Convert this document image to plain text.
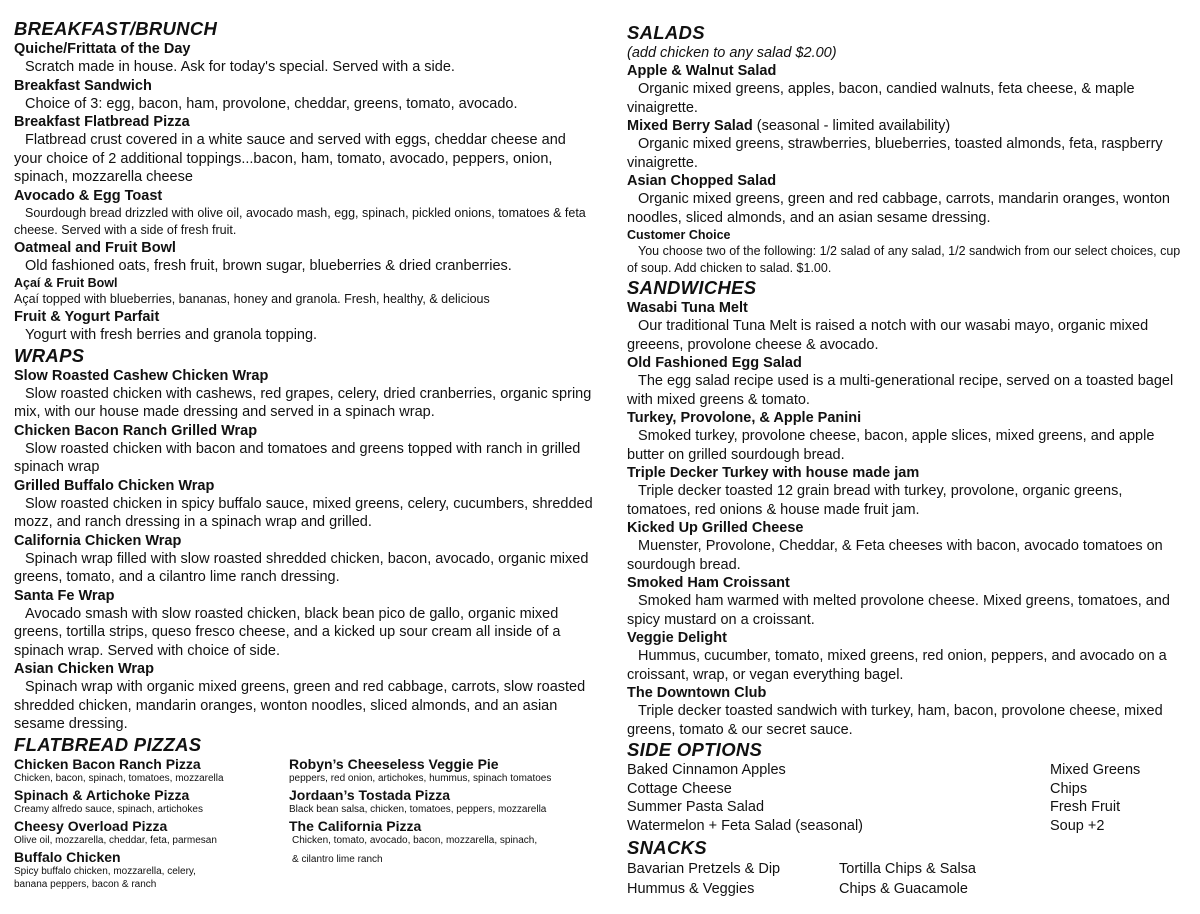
BREAKFAST/BRUNCH

Quiche/Frittata of the Day

Scratch made in house. Ask for today's special. Served with a side.

Breakfast Sandwich

Choice of 3: egg, bacon, ham, provolone, cheddar, greens, tomato, avocado.

Breakfast Flatbread Pizza

Flatbread crust covered in a white sauce and served with eggs, cheddar cheese and your choice of 2 additional toppings...bacon, ham, tomato, avocado, peppers, onion, spinach, mozzarella cheese

Avocado & Egg Toast

Sourdough bread drizzled with olive oil, avocado mash, egg, spinach, pickled onions, tomatoes & feta cheese. Served with a side of fresh fruit.

Oatmeal and Fruit Bowl

Old fashioned oats, fresh fruit, brown sugar, blueberries & dried cranberries.

Açaí & Fruit Bowl

Açaí topped with blueberries, bananas, honey and granola. Fresh, healthy, & delicious

Fruit & Yogurt Parfait

Yogurt with fresh berries and granola topping.

WRAPS

Slow Roasted Cashew Chicken Wrap

Slow roasted chicken with cashews, red grapes, celery, dried cranberries, organic spring mix, with our house made dressing and served in a spinach wrap.

Chicken Bacon Ranch Grilled Wrap

Slow roasted chicken with bacon and tomatoes and greens topped with ranch in grilled spinach wrap

Grilled Buffalo Chicken Wrap

Slow roasted chicken in spicy buffalo sauce, mixed greens, celery, cucumbers, shredded mozz, and ranch dressing in a spinach wrap and grilled.

California Chicken Wrap

Spinach wrap filled with slow roasted shredded chicken, bacon, avocado, organic mixed greens, tomato, and a cilantro lime ranch dressing.

Santa Fe Wrap

Avocado smash with slow roasted chicken, black bean pico de gallo, organic mixed greens, tortilla strips, queso fresco cheese, and a kicked up sour cream all inside of a spinach wrap. Served with choice of side.

Asian Chicken Wrap

Spinach wrap with organic mixed greens, green and red cabbage, carrots, slow roasted shredded chicken, mandarin oranges, wonton noodles, sliced almonds, and an asian sesame dressing.

FLATBREAD PIZZAS

Chicken Bacon Ranch Pizza

Chicken, bacon, spinach, tomatoes, mozzarella

Spinach & Artichoke Pizza

Creamy alfredo sauce, spinach, artichokes

Cheesy Overload Pizza

Olive oil, mozzarella, cheddar, feta, parmesan

Buffalo Chicken

Spicy buffalo chicken, mozzarella, celery, banana peppers, bacon & ranch

Robyn’s Cheeseless Veggie Pie

peppers, red onion, artichokes, hummus, spinach tomatoes

Jordaan’s Tostada Pizza

Black bean salsa, chicken, tomatoes, peppers, mozzarella

The California Pizza

Chicken, tomato, avocado, bacon, mozzarella, spinach,

& cilantro lime ranch

SALADS

(add chicken to any salad $2.00)

Apple & Walnut Salad

Organic mixed greens, apples, bacon, candied walnuts, feta cheese, & maple vinaigrette.

Mixed Berry Salad (seasonal - limited availability)

Organic mixed greens, strawberries, blueberries, toasted almonds, feta, raspberry vinaigrette.

Asian Chopped Salad

Organic mixed greens, green and red cabbage, carrots, mandarin oranges, wonton noodles, sliced almonds, and an asian sesame dressing.

Customer Choice

You choose two of the following: 1/2 salad of any salad, 1/2 sandwich from our select choices, cup of soup. Add chicken to salad. $1.00.

SANDWICHES

Wasabi Tuna Melt

Our traditional Tuna Melt is raised a notch with our wasabi mayo, organic mixed greeens, provolone cheese & avocado.

Old Fashioned Egg Salad

The egg salad recipe used is a multi-generational recipe, served on a toasted bagel with mixed greens & tomato.

Turkey, Provolone, & Apple Panini

Smoked turkey, provolone cheese, bacon, apple slices, mixed greens, and apple butter on grilled sourdough bread.

Triple Decker Turkey with house made jam

Triple decker toasted 12 grain bread with turkey, provolone, organic greens, tomatoes, red onions & house made fruit jam.

Kicked Up Grilled Cheese

Muenster, Provolone, Cheddar, & Feta cheeses with bacon, avocado tomatoes on sourdough bread.

Smoked Ham Croissant

Smoked ham warmed with melted provolone cheese. Mixed greens, tomatoes, and spicy mustard on a croissant.

Veggie Delight

Hummus, cucumber, tomato, mixed greens, red onion, peppers, and avocado on a croissant, wrap, or vegan everything bagel.

The Downtown Club

Triple decker toasted sandwich with turkey, ham, bacon, provolone cheese, mixed greens, tomato & our secret sauce.

SIDE OPTIONS
Baked Cinnamon Apples
Cottage Cheese
Summer Pasta Salad
Watermelon + Feta Salad (seasonal)
Mixed Greens
Chips
Fresh Fruit
Soup +2
SNACKS
Bavarian Pretzels & Dip
Hummus & Veggies
Tortilla Chips & Salsa
Chips & Guacamole
